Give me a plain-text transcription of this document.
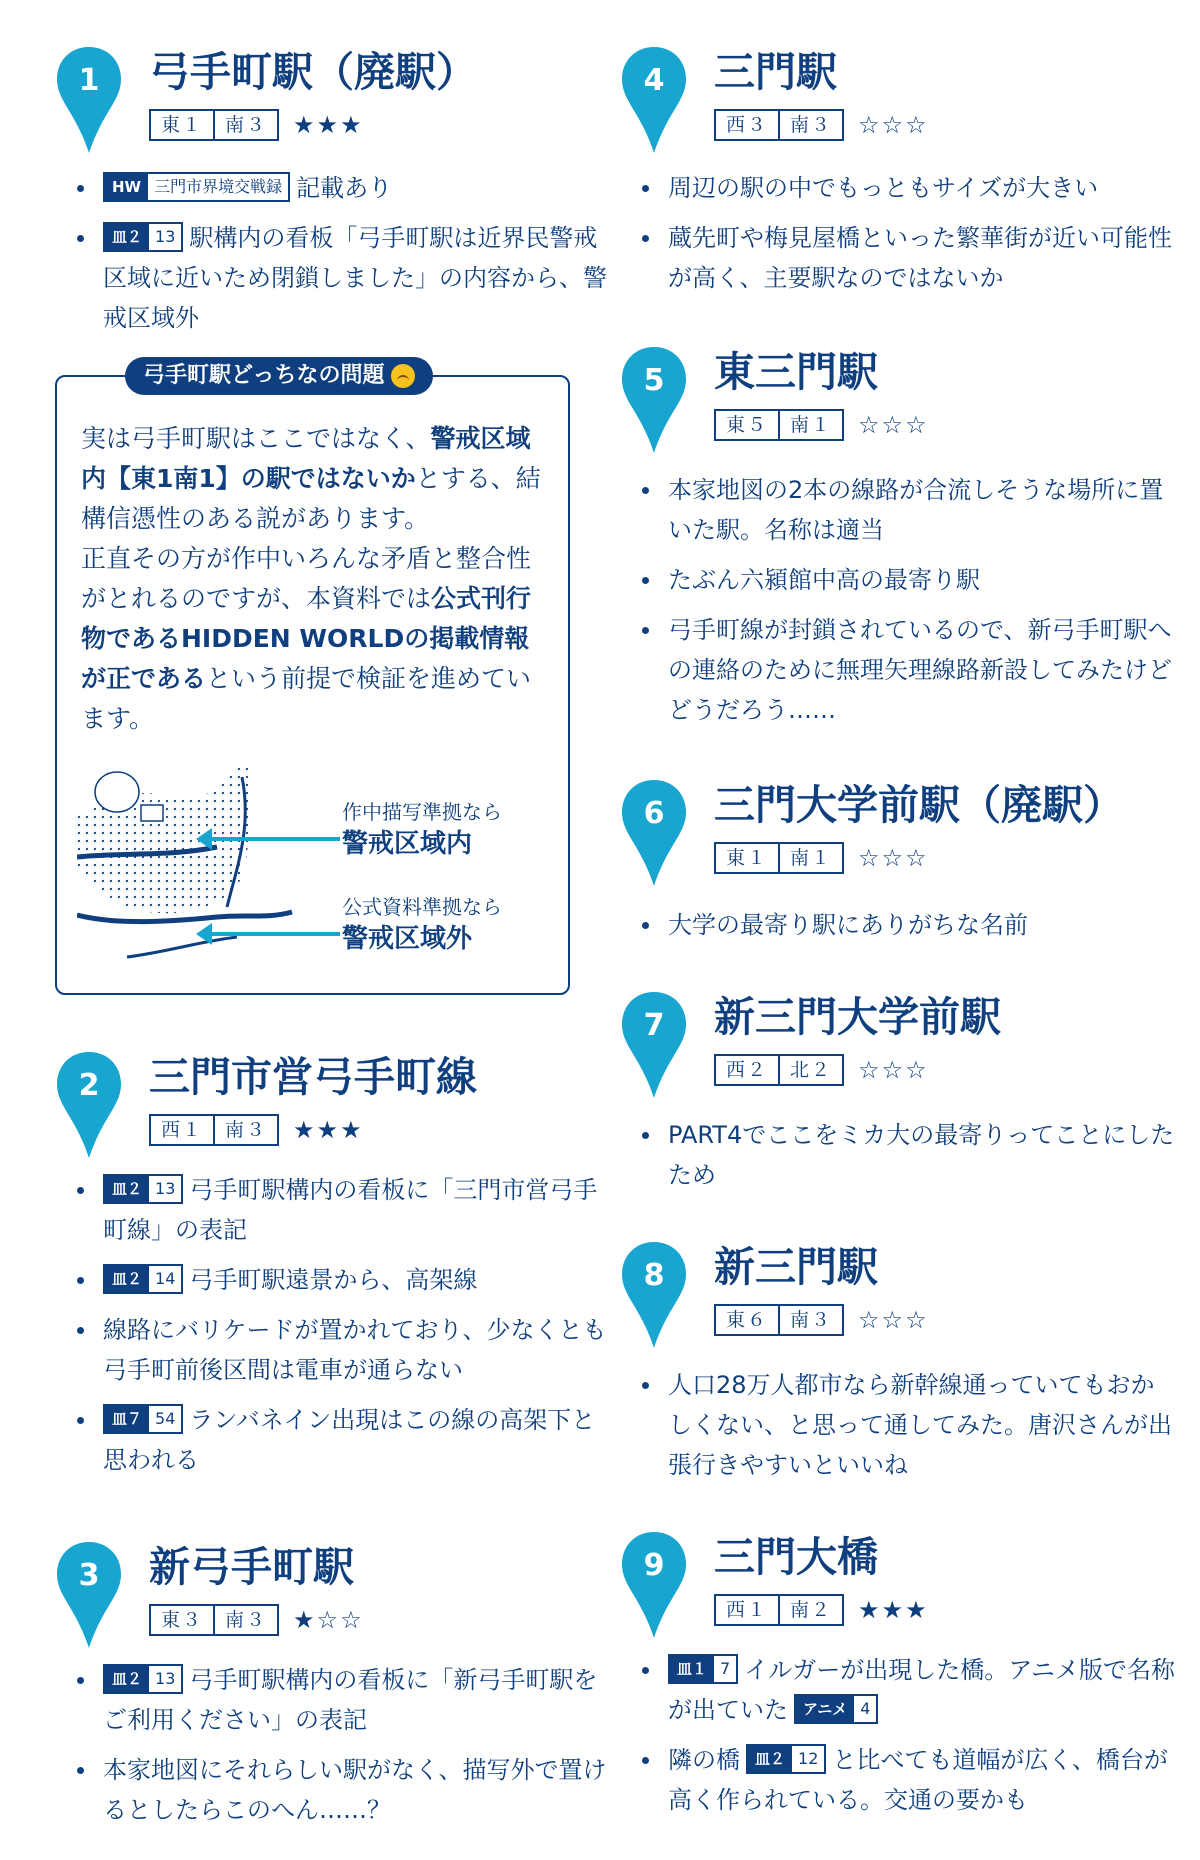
1	弓手町駅（廃駅）
東１	南３	★★★
HW 三門市界境交戦録 記載あり
皿２ 13 駅構内の看板「弓手町駅は近界民警戒区域に近いため閉鎖しました」の内容から、警戒区域外
弓手町駅どっちなの問題
実は弓手町駅はここではなく、警戒区域内【東1南1】の駅ではないかとする、結構信憑性のある説があります。
正直その方が作中いろんな矛盾と整合性がとれるのですが、本資料では公式刊行物であるHIDDEN WORLDの掲載情報が正であるという前提で検証を進めています。
作中描写準拠なら
警戒区域内
公式資料準拠なら
警戒区域外
2	三門市営弓手町線
西１	南３	★★★
皿２ 13 弓手町駅構内の看板に「三門市営弓手町線」の表記
皿２ 14 弓手町駅遠景から、高架線
線路にバリケードが置かれており、少なくとも弓手町前後区間は電車が通らない
皿７ 54 ランバネイン出現はこの線の高架下と思われる
3	新弓手町駅
東３	南３	★☆☆
皿２ 13 弓手町駅構内の看板に「新弓手町駅をご利用ください」の表記
本家地図にそれらしい駅がなく、描写外で置けるとしたらこのへん……？
4	三門駅
西３	南３	☆☆☆
周辺の駅の中でもっともサイズが大きい
蔵先町や梅見屋橋といった繁華街が近い可能性が高く、主要駅なのではないか
5	東三門駅
東５	南１	☆☆☆
本家地図の2本の線路が合流しそうな場所に置いた駅。名称は適当
たぶん六潁館中高の最寄り駅
弓手町線が封鎖されているので、新弓手町駅への連絡のために無理矢理線路新設してみたけどどうだろう……
6	三門大学前駅（廃駅）
東１	南１	☆☆☆
大学の最寄り駅にありがちな名前
7	新三門大学前駅
西２	北２	☆☆☆
PART4でここをミカ大の最寄りってことにしたため
8	新三門駅
東６	南３	☆☆☆
人口28万人都市なら新幹線通っていてもおかしくない、と思って通してみた。唐沢さんが出張行きやすいといいね
9	三門大橋
西１	南２	★★★
皿１ 7 イルガーが出現した橋。アニメ版で名称が出ていた	アニメ 4
隣の橋	皿２ 12 と比べても道幅が広く、橋台が高く作られている。交通の要かも
